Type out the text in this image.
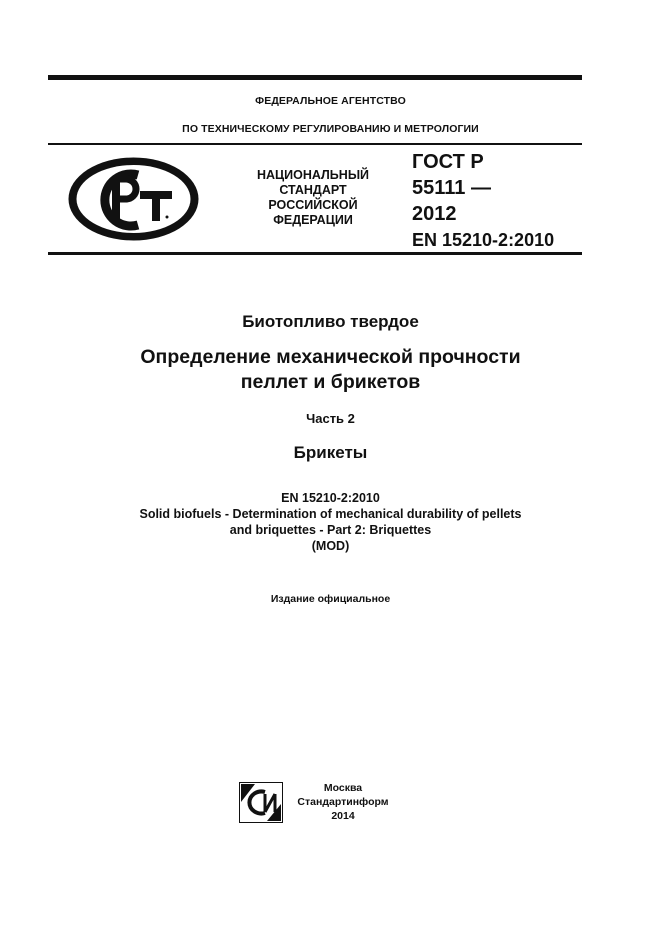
ФЕДЕРАЛЬНОЕ АГЕНТСТВО
ПО ТЕХНИЧЕСКОМУ РЕГУЛИРОВАНИЮ И МЕТРОЛОГИИ
НАЦИОНАЛЬНЫЙ
СТАНДАРТ
РОССИЙСКОЙ
ФЕДЕРАЦИИ
ГОСТ Р
55111 —
2012
EN 15210-2:2010
Биотопливо твердое
Определение механической прочности
пеллет и брикетов
Часть 2
Брикеты
EN 15210-2:2010
Solid biofuels - Determination of mechanical durability of pellets
and briquettes - Part 2: Briquettes
(MOD)
Издание официальное
Москва
Стандартинформ
2014
